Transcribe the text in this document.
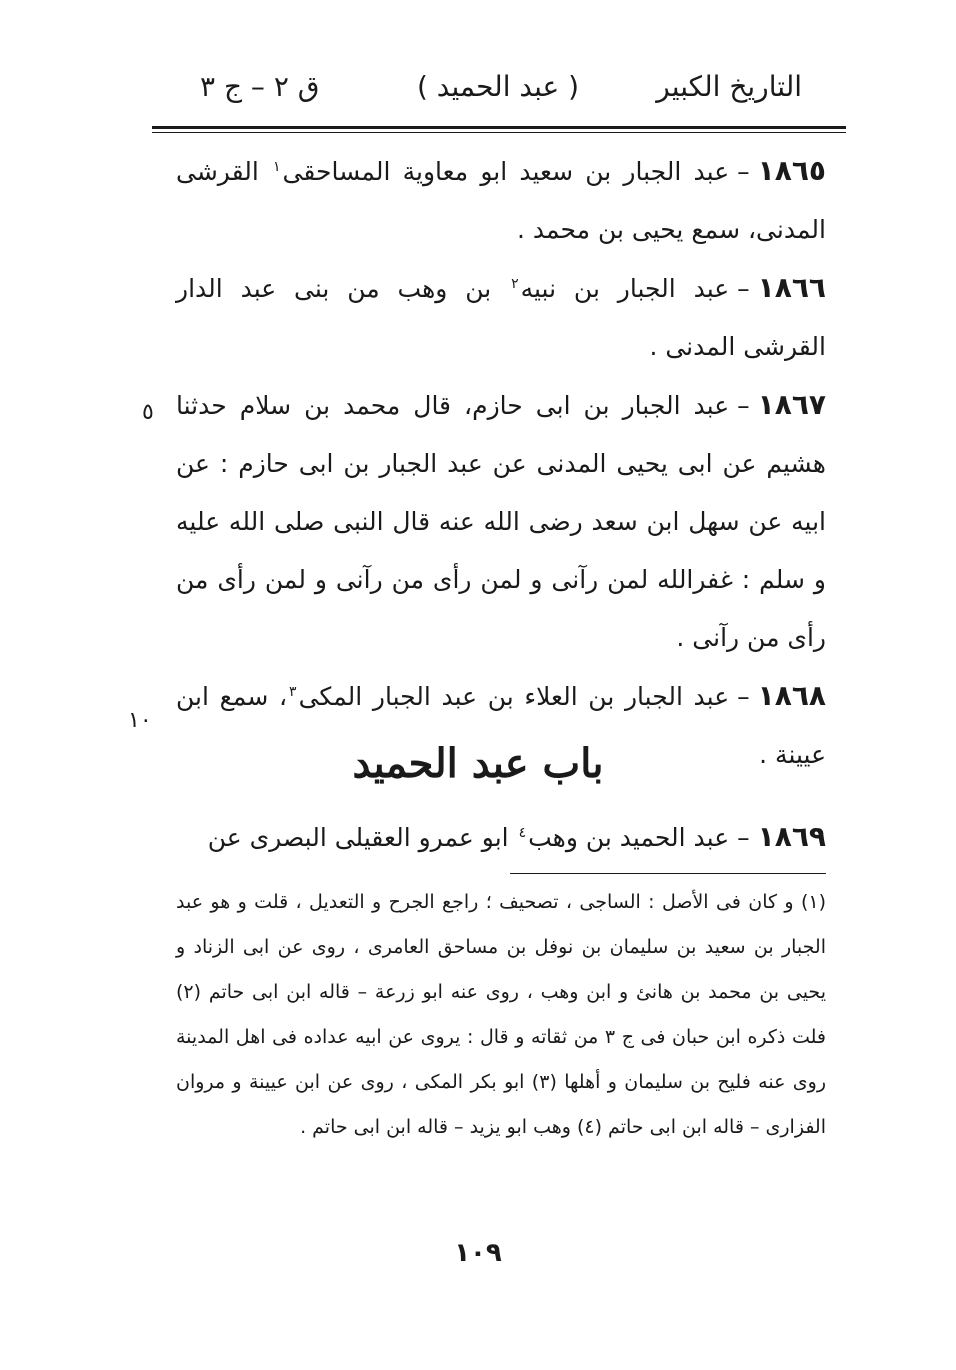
التاريخ الكبير
( عبد الحميد )
ق ٢ – ج ٣

١٨٦٥–عبد الجبار بن سعيد ابو معاوية المساحقى$^١$ القرشى المدنى، سمع يحيى بن محمد .

١٨٦٦–عبد الجبار بن نبيه$^٢$ بن وهب من بنى عبد الدار القرشى المدنى .

١٨٦٧–عبد الجبار بن ابى حازم، قال محمد بن سلام حدثنا هشيم عن ابى يحيى المدنى عن عبد الجبار بن ابى حازم : عن ابيه عن سهل ابن سعد رضى الله عنه قال النبى صلى الله عليه و سلم : غفرالله لمن رآنى و لمن رأى من رآنى و لمن رأى من رأى من رآنى .

١٨٦٨–عبد الجبار بن العلاء بن عبد الجبار المكى$^٣$، سمع ابن عيينة .

٥
١٠
باب عبد الحميد

١٨٦٩–عبد الحميد بن وهب$^٤$ ابو عمرو العقيلى البصرى عن

(١) و كان فى الأصل : الساجى ، تصحيف ؛ راجع الجرح و التعديل ، قلت و هو عبد الجبار بن سعيد بن سليمان بن نوفل بن مساحق العامرى ، روى عن ابى الزناد و يحيى بن محمد بن هانئ و ابن وهب ، روى عنه ابو زرعة – قاله ابن ابى حاتم (٢) فلت ذكره ابن حبان فى ج ٣ من ثقاته و قال : يروى عن ابيه عداده فى اهل المدينة روى عنه فليح بن سليمان و أهلها (٣) ابو بكر المكى ، روى عن ابن عيينة و مروان الفزارى – قاله ابن ابى حاتم (٤) وهب ابو يزيد – قاله ابن ابى حاتم .

١٠٩
